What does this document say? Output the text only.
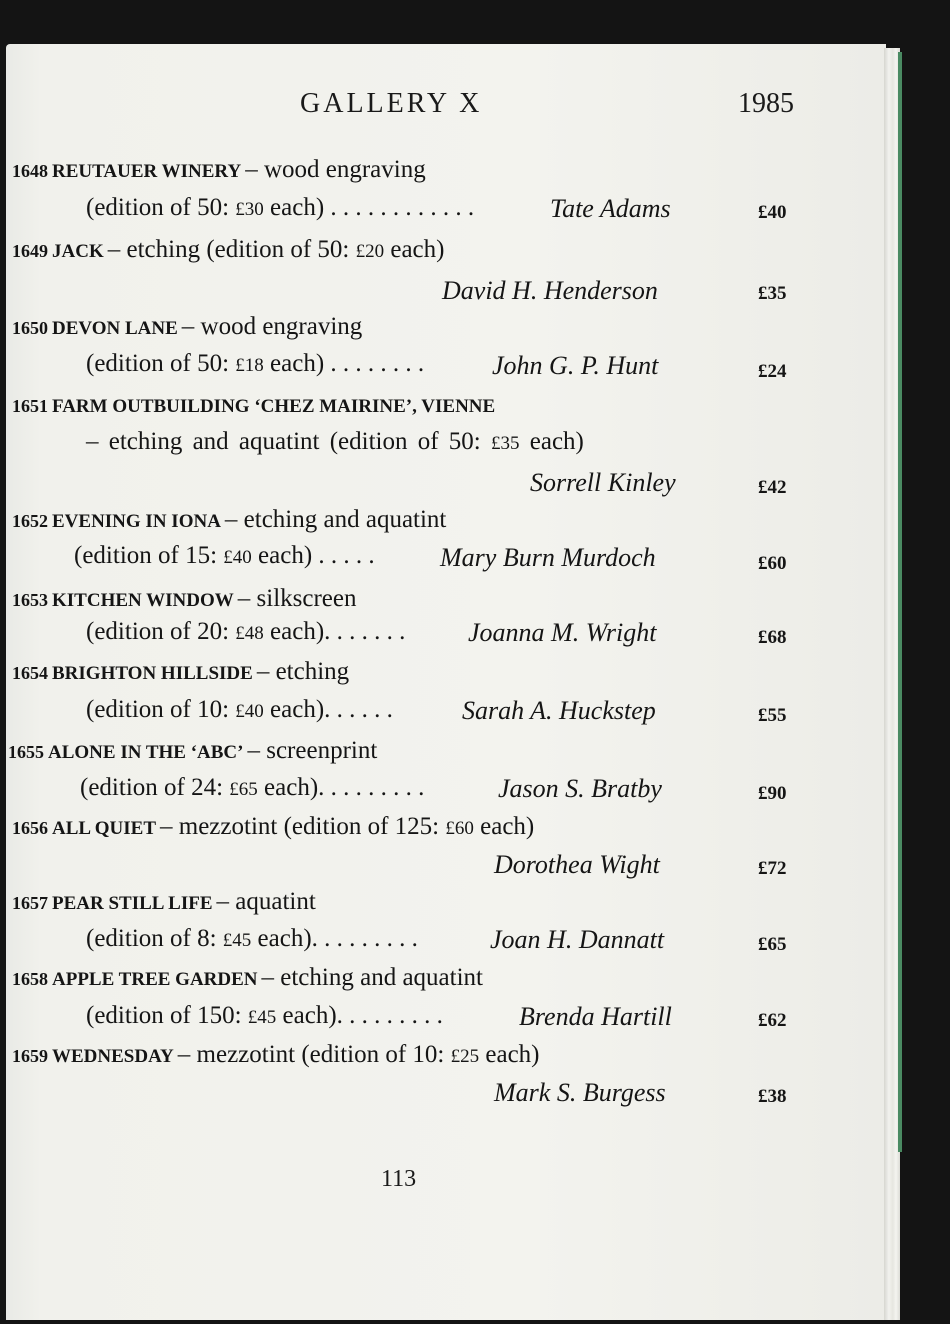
GALLERY X	1985
1648 REUTAUER WINERY – wood engraving
(edition of 50: £30 each) . . . . . . . . . . . .	Tate Adams	£40
1649 JACK – etching (edition of 50: £20 each)
David H. Henderson	£35
1650 DEVON LANE – wood engraving
(edition of 50: £18 each) . . . . . . . .	John G. P. Hunt	£24
1651 FARM OUTBUILDING ‘CHEZ MAIRINE’, VIENNE
– etching and aquatint (edition of 50: £35 each)
Sorrell Kinley	£42
1652 EVENING IN IONA – etching and aquatint
(edition of 15: £40 each) . . . . .	Mary Burn Murdoch	£60
1653 KITCHEN WINDOW – silkscreen
(edition of 20: £48 each). . . . . . . Joanna M. Wright	£68
1654 BRIGHTON HILLSIDE – etching
(edition of 10: £40 each). . . . . .	Sarah A. Huckstep	£55
1655 ALONE IN THE ‘ABC’ – screenprint
(edition of 24: £65 each). . . . . . . . .	Jason S. Bratby	£90
1656 ALL QUIET – mezzotint (edition of 125: £60 each)
Dorothea Wight	£72
1657 PEAR STILL LIFE – aquatint
(edition of 8: £45 each). . . . . . . . .	Joan H. Dannatt	£65
1658 APPLE TREE GARDEN – etching and aquatint
(edition of 150: £45 each). . . . . . . . .	Brenda Hartill	£62
1659 WEDNESDAY – mezzotint (edition of 10: £25 each)
Mark S. Burgess	£38
113
